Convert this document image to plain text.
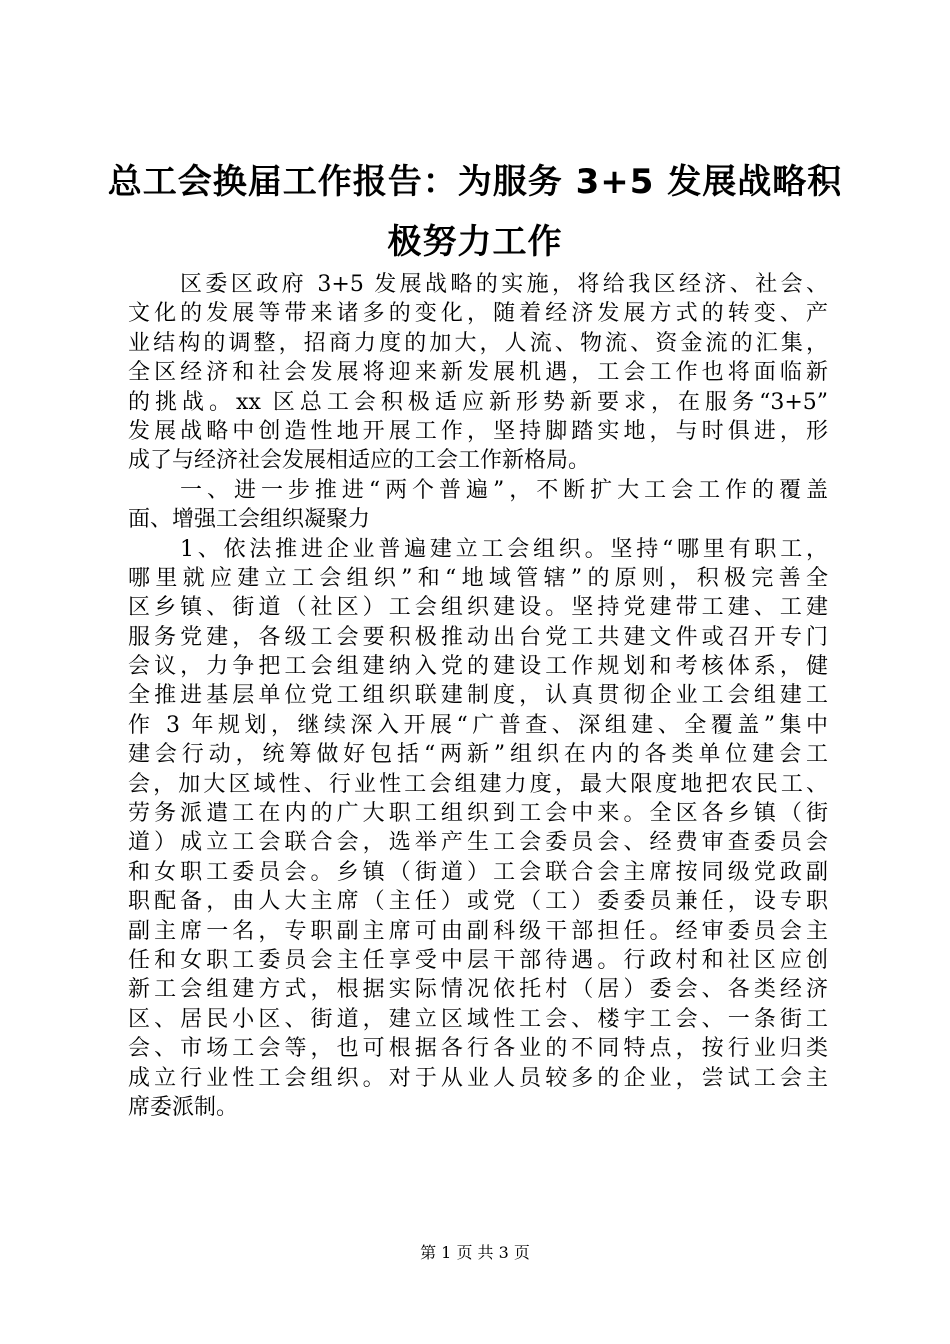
总工会换届工作报告：为服务 3+5 发展战略积
极努力工作
区委区政府 3+5 发展战略的实施，将给我区经济、社会、
文化的发展等带来诸多的变化，随着经济发展方式的转变、产
业结构的调整，招商力度的加大，人流、物流、资金流的汇集，
全区经济和社会发展将迎来新发展机遇，工会工作也将面临新
的挑战。xx 区总工会积极适应新形势新要求，在服务“3+5”
发展战略中创造性地开展工作，坚持脚踏实地，与时俱进，形
成了与经济社会发展相适应的工会工作新格局。
一、进一步推进“两个普遍”，不断扩大工会工作的覆盖
面、增强工会组织凝聚力
1、依法推进企业普遍建立工会组织。坚持“哪里有职工，
哪里就应建立工会组织”和“地域管辖”的原则，积极完善全
区乡镇、街道（社区）工会组织建设。坚持党建带工建、工建
服务党建，各级工会要积极推动出台党工共建文件或召开专门
会议，力争把工会组建纳入党的建设工作规划和考核体系，健
全推进基层单位党工组织联建制度，认真贯彻企业工会组建工
作 3 年规划，继续深入开展“广普查、深组建、全覆盖”集中
建会行动，统筹做好包括“两新”组织在内的各类单位建会工
会，加大区域性、行业性工会组建力度，最大限度地把农民工、
劳务派遣工在内的广大职工组织到工会中来。全区各乡镇（街
道）成立工会联合会，选举产生工会委员会、经费审查委员会
和女职工委员会。乡镇（街道）工会联合会主席按同级党政副
职配备，由人大主席（主任）或党（工）委委员兼任，设专职
副主席一名，专职副主席可由副科级干部担任。经审委员会主
任和女职工委员会主任享受中层干部待遇。行政村和社区应创
新工会组建方式，根据实际情况依托村（居）委会、各类经济
区、居民小区、街道，建立区域性工会、楼宇工会、一条街工
会、市场工会等，也可根据各行各业的不同特点，按行业归类
成立行业性工会组织。对于从业人员较多的企业，尝试工会主
席委派制。
第 1 页 共 3 页
